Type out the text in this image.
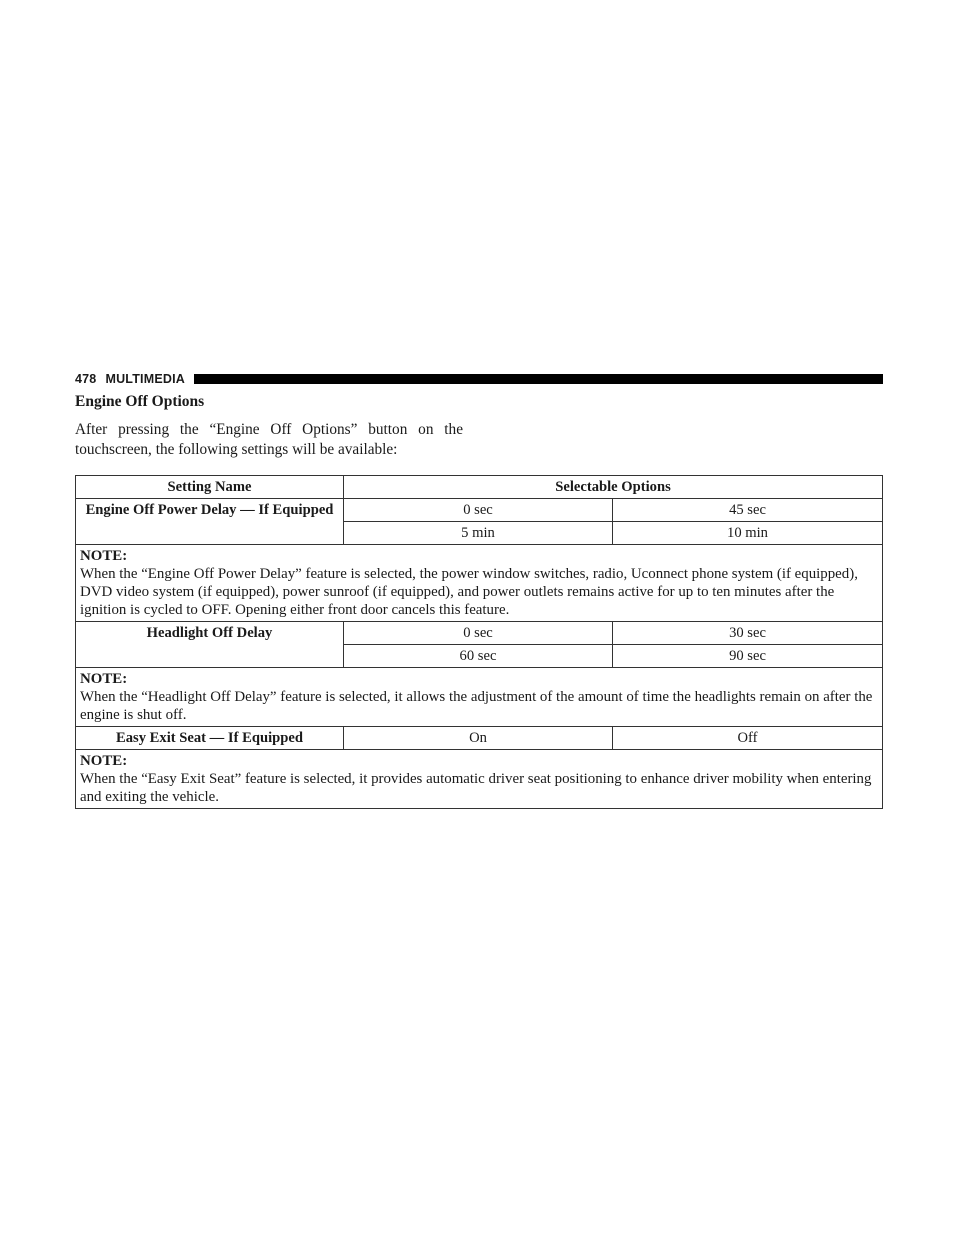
478 MULTIMEDIA
Engine Off Options
After pressing the “Engine Off Options” button on the touchscreen, the following settings will be available:
Setting Name	Selectable Options	
Engine Off Power Delay — If Equipped	0 sec	45 sec
	5 min	10 min

NOTE:
When the “Engine Off Power Delay” feature is selected, the power window switches, radio, Uconnect phone system (if equipped), DVD video system (if equipped), power sunroof (if equipped), and power outlets remains active for up to ten minutes after the ignition is cycled to OFF. Opening either front door cancels this feature.		
Headlight Off Delay	0 sec	30 sec
	60 sec	90 sec

NOTE:
When the “Headlight Off Delay” feature is selected, it allows the adjustment of the amount of time the headlights remain on after the engine is shut off.		
Easy Exit Seat — If Equipped	On	Off

NOTE:
When the “Easy Exit Seat” feature is selected, it provides automatic driver seat positioning to enhance driver mobility when entering and exiting the vehicle.		
